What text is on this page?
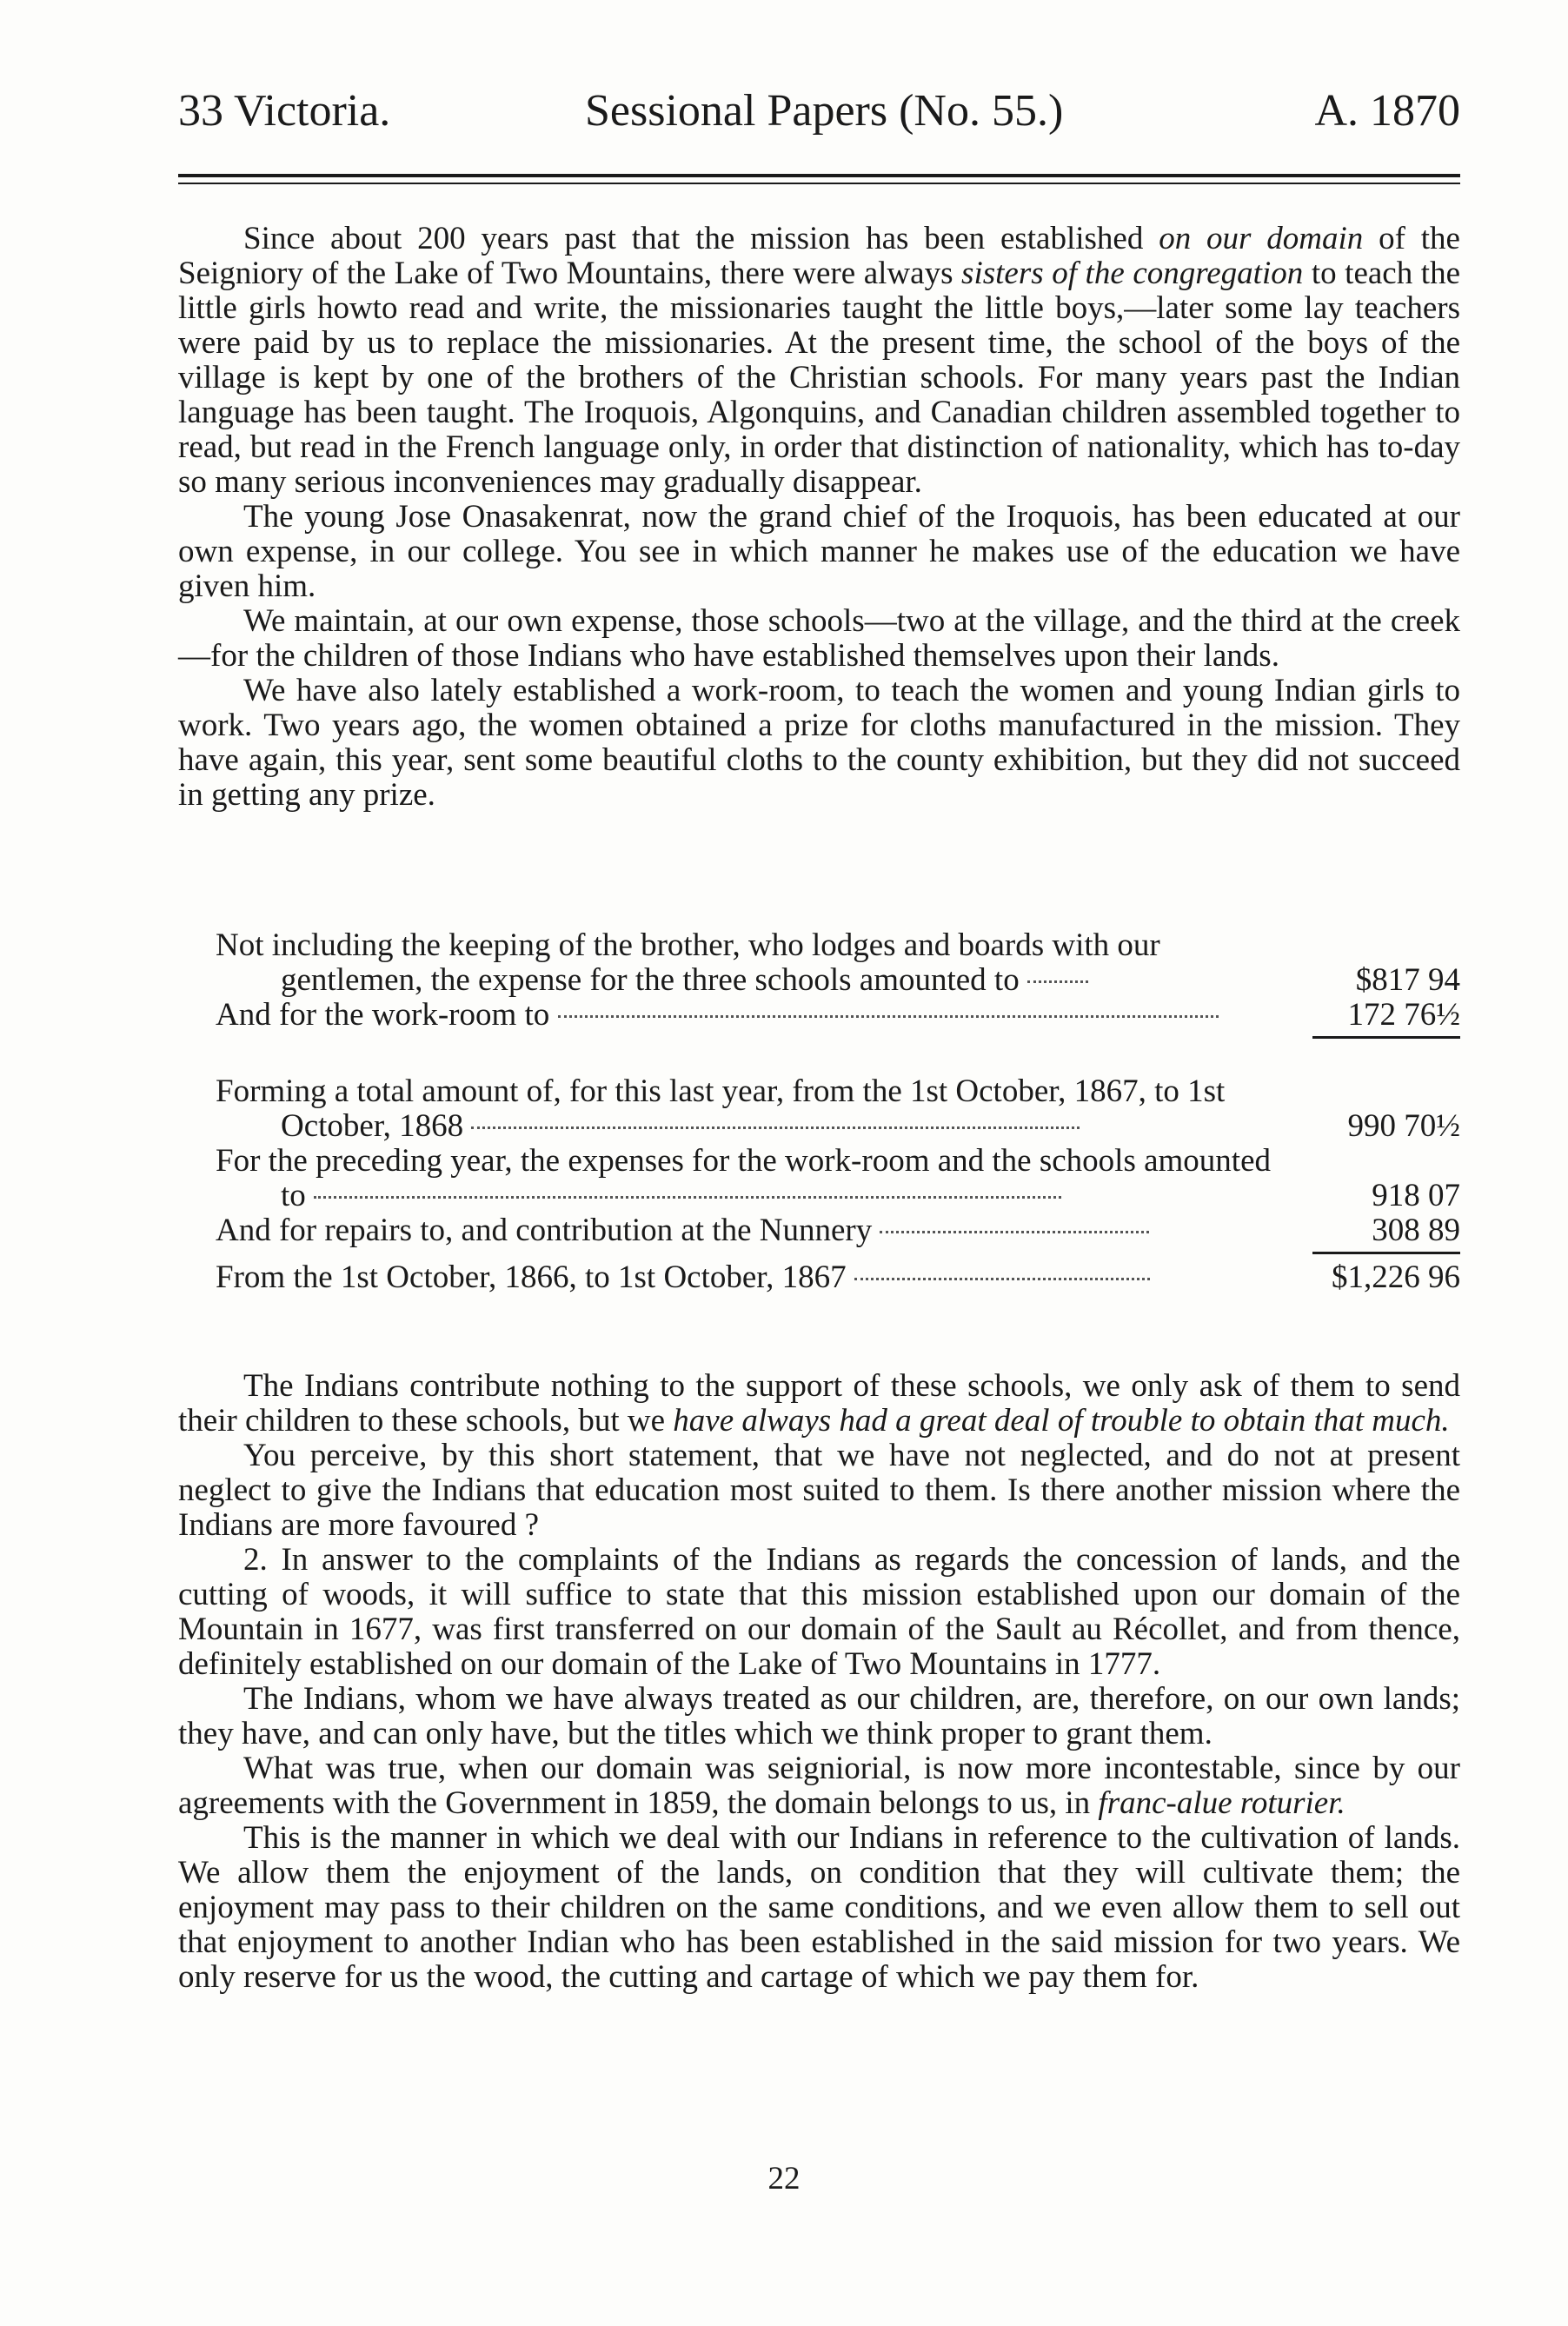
33 Victoria.	Sessional Papers (No. 55.)	A. 1870

Since about 200 years past that the mission has been established on our domain of the Seigniory of the Lake of Two Mountains, there were always sisters of the congregation to teach the little girls howto read and write, the missionaries taught the little boys,—later some lay teachers were paid by us to replace the missionaries. At the present time, the school of the boys of the village is kept by one of the brothers of the Christian schools. For many years past the Indian language has been taught. The Iroquois, Algonquins, and Canadian children assembled together to read, but read in the French language only, in order that distinction of nationality, which has to-day so many serious inconveniences may gradually disappear.

The young Jose Onasakenrat, now the grand chief of the Iroquois, has been educated at our own expense, in our college. You see in which manner he makes use of the education we have given him.

We maintain, at our own expense, those schools—two at the village, and the third at the creek—for the children of those Indians who have established themselves upon their lands.

We have also lately established a work-room, to teach the women and young Indian girls to work. Two years ago, the women obtained a prize for cloths manufactured in the mission. They have again, this year, sent some beautiful cloths to the county exhibition, but they did not succeed in getting any prize.

Not including the keeping of the brother, who lodges and boards with our gentlemen, the expense for the three schools amounted to	$817 94
And for the work-room to	172 76½
Forming a total amount of, for this last year, from the 1st October, 1867, to 1st October, 1868	990 70½
For the preceding year, the expenses for the work-room and the schools amounted to	918 07
And for repairs to, and contribution at the Nunnery	308 89
From the 1st October, 1866, to 1st October, 1867	$1,226 96

The Indians contribute nothing to the support of these schools, we only ask of them to send their children to these schools, but we have always had a great deal of trouble to obtain that much.

You perceive, by this short statement, that we have not neglected, and do not at present neglect to give the Indians that education most suited to them. Is there another mission where the Indians are more favoured ?

2. In answer to the complaints of the Indians as regards the concession of lands, and the cutting of woods, it will suffice to state that this mission established upon our domain of the Mountain in 1677, was first transferred on our domain of the Sault au Récollet, and from thence, definitely established on our domain of the Lake of Two Mountains in 1777.

The Indians, whom we have always treated as our children, are, therefore, on our own lands; they have, and can only have, but the titles which we think proper to grant them.

What was true, when our domain was seigniorial, is now more incontestable, since by our agreements with the Government in 1859, the domain belongs to us, in franc-alue roturier.

This is the manner in which we deal with our Indians in reference to the cultivation of lands. We allow them the enjoyment of the lands, on condition that they will cultivate them; the enjoyment may pass to their children on the same conditions, and we even allow them to sell out that enjoyment to another Indian who has been established in the said mission for two years. We only reserve for us the wood, the cutting and cartage of which we pay them for.

22
